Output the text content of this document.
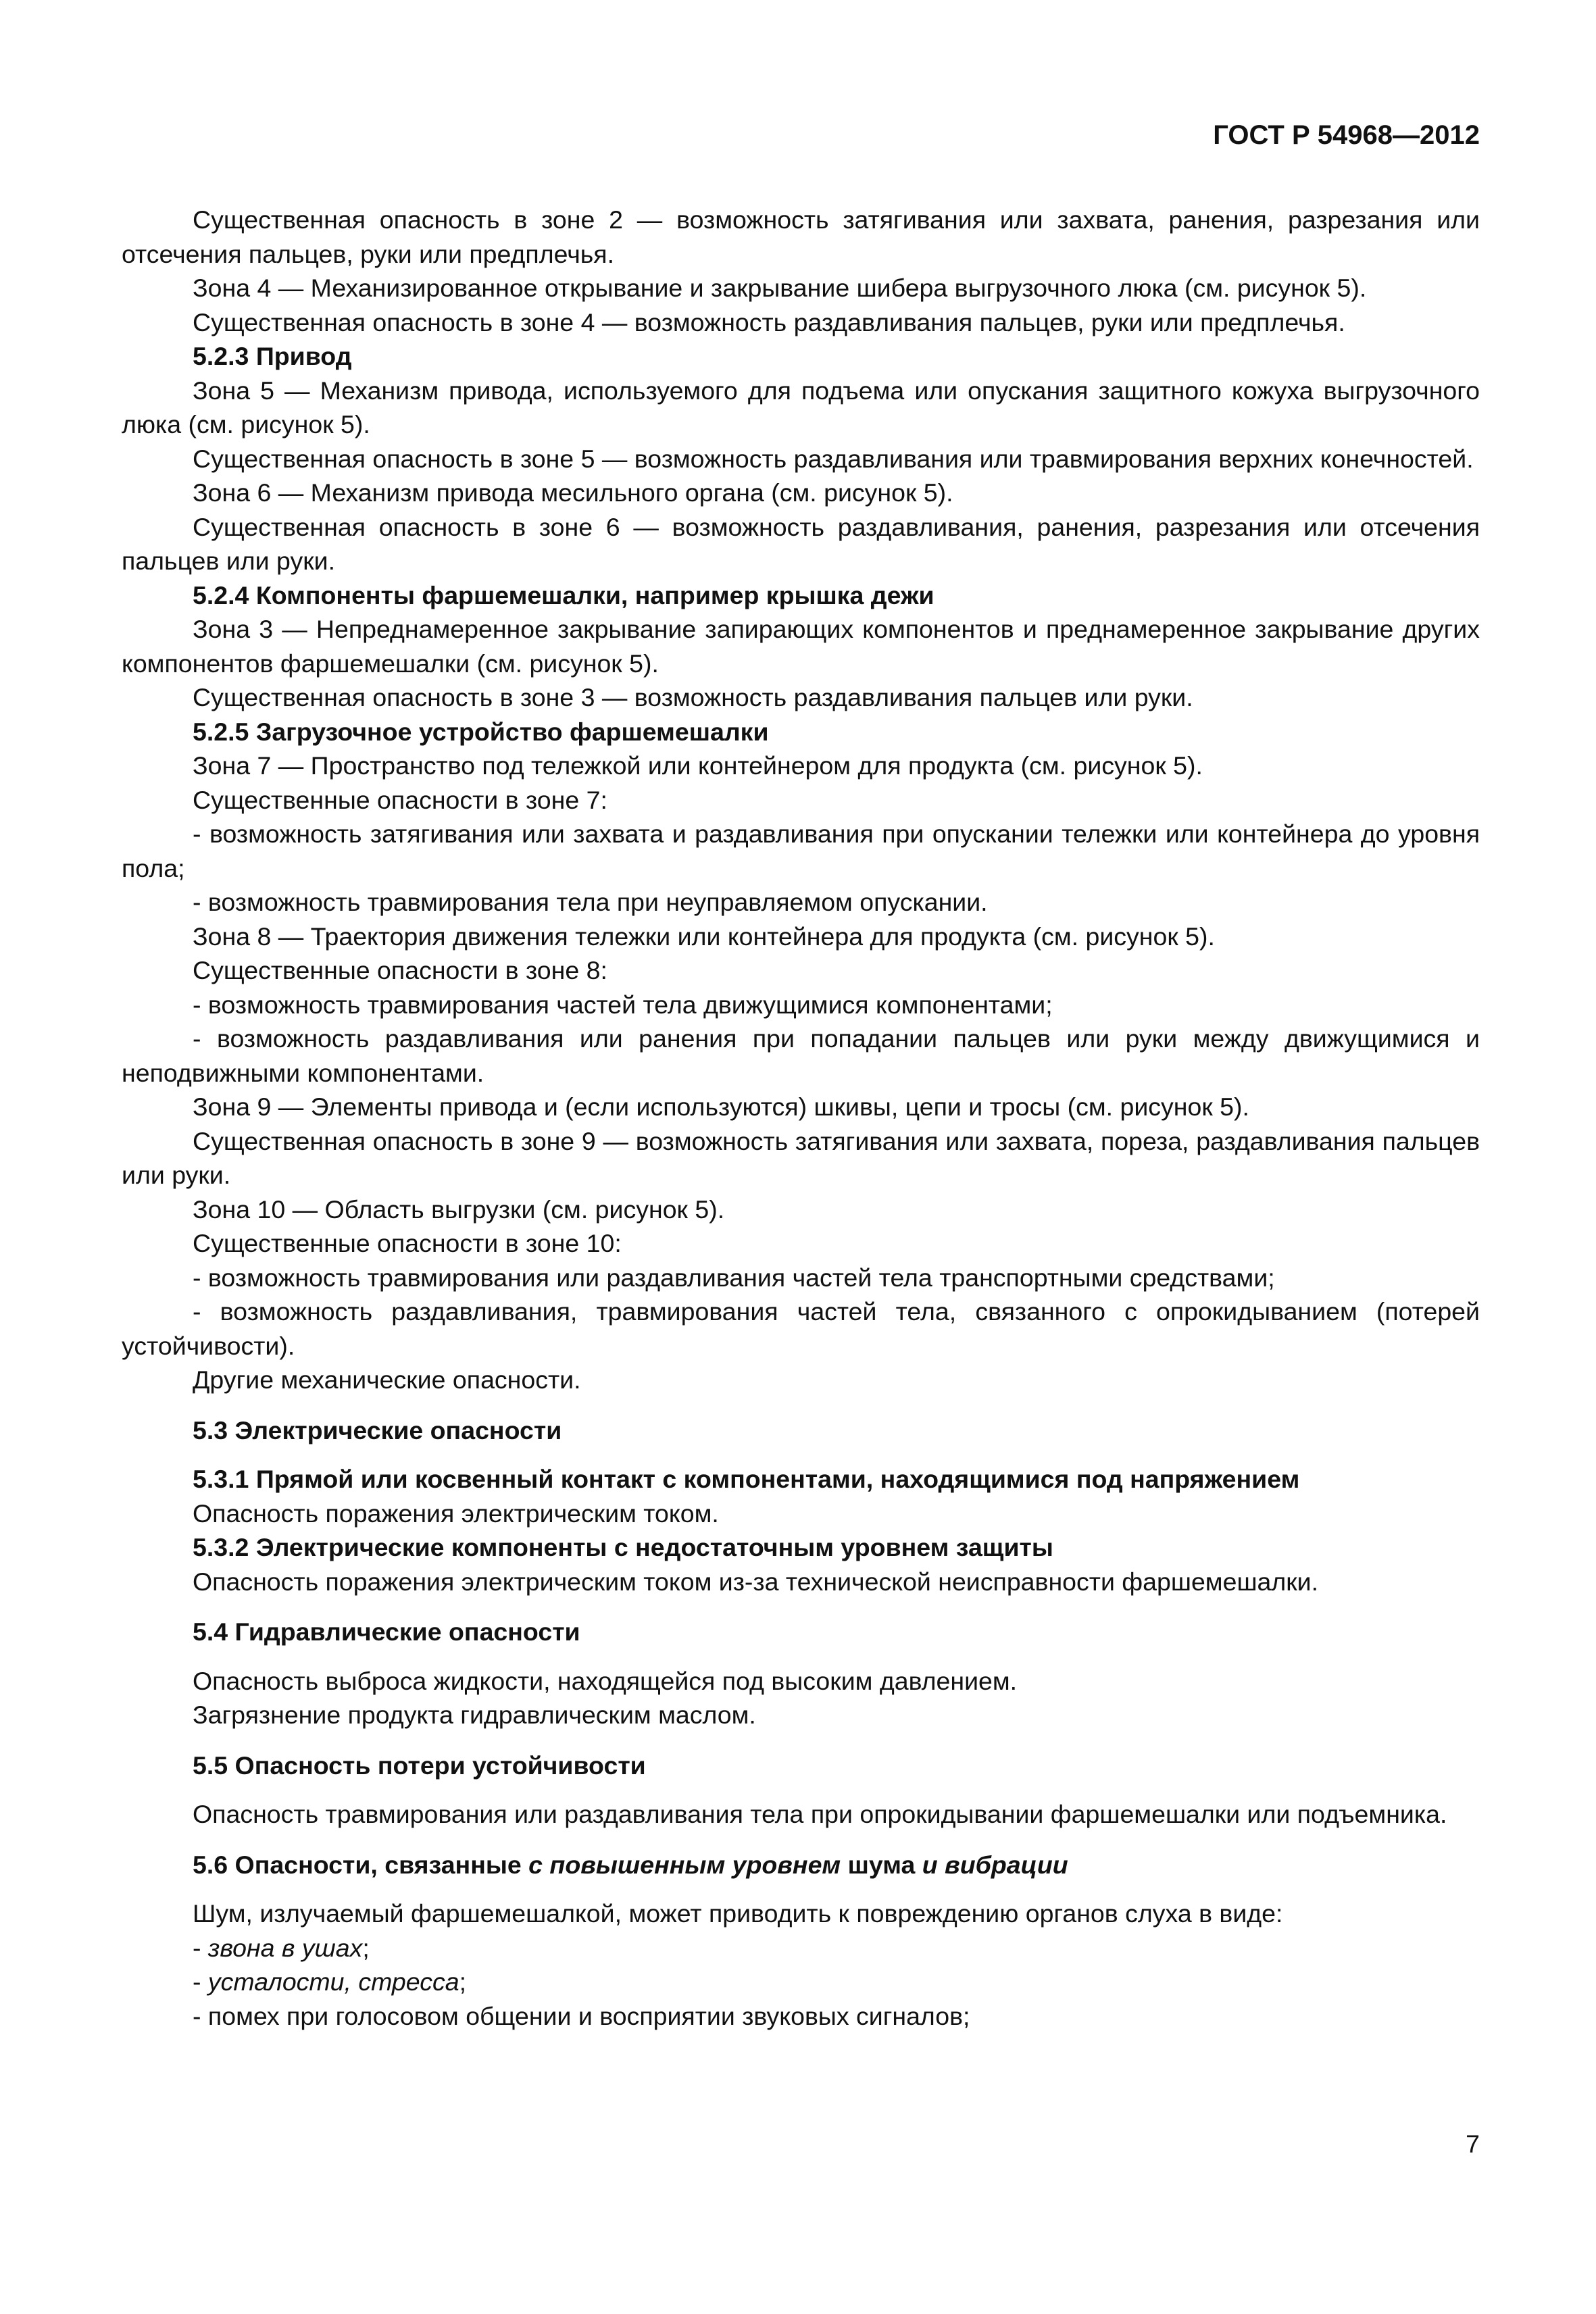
ГОСТ Р 54968—2012
Существенная опасность в зоне 2 — возможность затягивания или захвата, ранения, разрезания или отсечения пальцев, руки или предплечья.
Зона 4 — Механизированное открывание и закрывание шибера выгрузочного люка (см. рисунок 5).
Существенная опасность в зоне 4 — возможность раздавливания пальцев, руки или предплечья.
5.2.3 Привод
Зона 5 — Механизм привода, используемого для подъема или опускания защитного кожуха выгрузочного люка (см. рисунок 5).
Существенная опасность в зоне 5 — возможность раздавливания или травмирования верхних конечностей.
Зона 6 — Механизм привода месильного органа (см. рисунок 5).
Существенная опасность в зоне 6 — возможность раздавливания, ранения, разрезания или отсечения пальцев или руки.
5.2.4 Компоненты фаршемешалки, например крышка дежи
Зона 3 — Непреднамеренное закрывание запирающих компонентов и преднамеренное закрывание других компонентов фаршемешалки (см. рисунок 5).
Существенная опасность в зоне 3 — возможность раздавливания пальцев или руки.
5.2.5 Загрузочное устройство фаршемешалки
Зона 7 — Пространство под тележкой или контейнером для продукта (см. рисунок 5).
Существенные опасности в зоне 7:
- возможность затягивания или захвата и раздавливания при опускании тележки или контейнера до уровня пола;
- возможность травмирования тела при неуправляемом опускании.
Зона 8 — Траектория движения тележки или контейнера для продукта (см. рисунок 5).
Существенные опасности в зоне 8:
- возможность травмирования частей тела движущимися компонентами;
- возможность раздавливания или ранения при попадании пальцев или руки между движущимися и неподвижными компонентами.
Зона 9 — Элементы привода и (если используются) шкивы, цепи и тросы (см. рисунок 5).
Существенная опасность в зоне 9 — возможность затягивания или захвата, пореза, раздавливания пальцев или руки.
Зона 10 — Область выгрузки (см. рисунок 5).
Существенные опасности в зоне 10:
- возможность травмирования или раздавливания частей тела транспортными средствами;
- возможность раздавливания, травмирования частей тела, связанного с опрокидыванием (потерей устойчивости).
Другие механические опасности.
5.3 Электрические опасности
5.3.1 Прямой или косвенный контакт с компонентами, находящимися под напряжением
Опасность поражения электрическим током.
5.3.2 Электрические компоненты с недостаточным уровнем защиты
Опасность поражения электрическим током из-за технической неисправности фаршемешалки.
5.4 Гидравлические опасности
Опасность выброса жидкости, находящейся под высоким давлением.
Загрязнение продукта гидравлическим маслом.
5.5 Опасность потери устойчивости
Опасность травмирования или раздавливания тела при опрокидывании фаршемешалки или подъемника.
5.6 Опасности, связанные с повышенным уровнем шума и вибрации
Шум, излучаемый фаршемешалкой, может приводить к повреждению органов слуха в виде:
- звона в ушах;
- усталости, стресса;
- помех при голосовом общении и восприятии звуковых сигналов;
7
